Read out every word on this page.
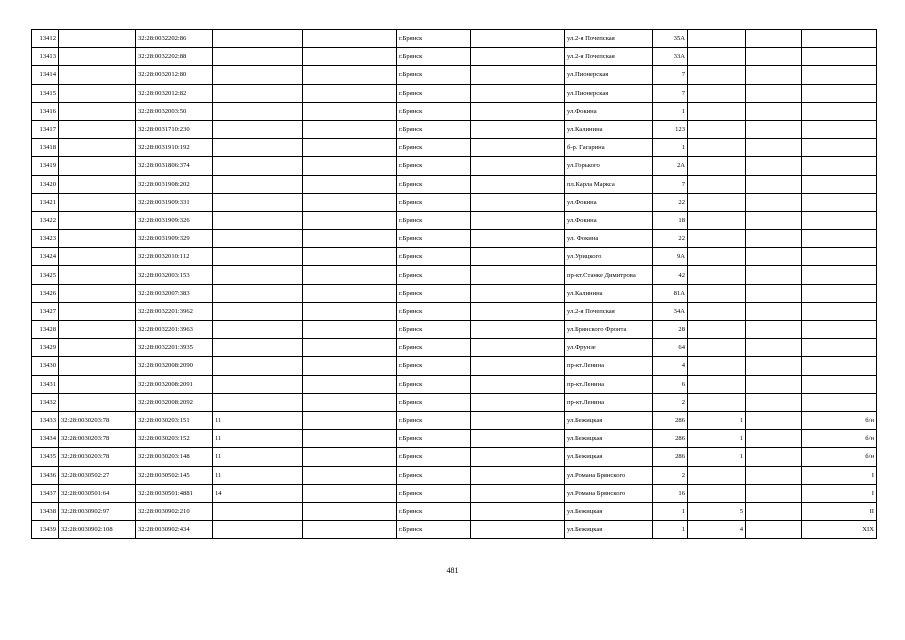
13412		32:28:0032202:86			г.Брянск		ул.2-я Почепская	35А			
13413		32:28:0032202:88			г.Брянск		ул.2-я Почепская	33А			
13414		32:28:0032012:80			г.Брянск		ул.Пионерская	7			
13415		32:28:0032012:82			г.Брянск		ул.Пионерская	7			
13416		32:28:0032003:50			г.Брянск		ул.Фокина	1			
13417		32:28:0031710:230			г.Брянск		ул.Калинина	123			
13418		32:28:0031910:192			г.Брянск		б-р. Гагарина	1			
13419		32:28:0031806:374			г.Брянск		ул.Горького	2А			
13420		32:28:0031908:202			г.Брянск		пл.Карла Маркса	7			
13421		32:28:0031909:331			г.Брянск		ул.Фокина	22			
13422		32:28:0031909:326			г.Брянск		ул.Фокина	18			
13423		32:28:0031909:329			г.Брянск		ул. Фокина	22			
13424		32:28:0032010:112			г.Брянск		ул.Урицкого	9А			
13425		32:28:0032003:153			г.Брянск		пр-кт.Станке Димитрова	42			
13426		32:28:0032007:383			г.Брянск		ул.Калинина	81А			
13427		32:28:0032201:3962			г.Брянск		ул.2-я Почепская	34А			
13428		32:28:0032201:3963			г.Брянск		ул.Брянского Фронта	28			
13429		32:28:0032201:3935			г.Брянск		ул.Фрунзе	64			
13430		32:28:0032008:2090			г.Брянск		пр-кт.Ленина	4			
13431		32:28:0032008:2091			г.Брянск		пр-кт.Ленина	6			
13432		32:28:0032008:2092			г.Брянск		пр-кт.Ленина	2			
13433	32:28:0030203:78	32:28:0030203:151	11		г.Брянск		ул.Бежицкая	286	1		б/н
13434	32:28:0030203:78	32:28:0030203:152	11		г.Брянск		ул.Бежицкая	286	1		б/н
13435	32:28:0030203:78	32:28:0030203:148	11		г.Брянск		ул.Бежицкая	286	1		б/н
13436	32:28:0030502:27	32:28:0030502:145	11		г.Брянск		ул.Романа Брянского	2			I
13437	32:28:0030501:64	32:28:0030501:4881	14		г.Брянск		ул.Романа Брянского	16			I
13438	32:28:0030902:97	32:28:0030902:210			г.Брянск		ул.Бежицкая	1	5		II
13439	32:28:0030902:108	32:28:0030902:434			г.Брянск		ул.Бежицкая	1	4		XIX
481
